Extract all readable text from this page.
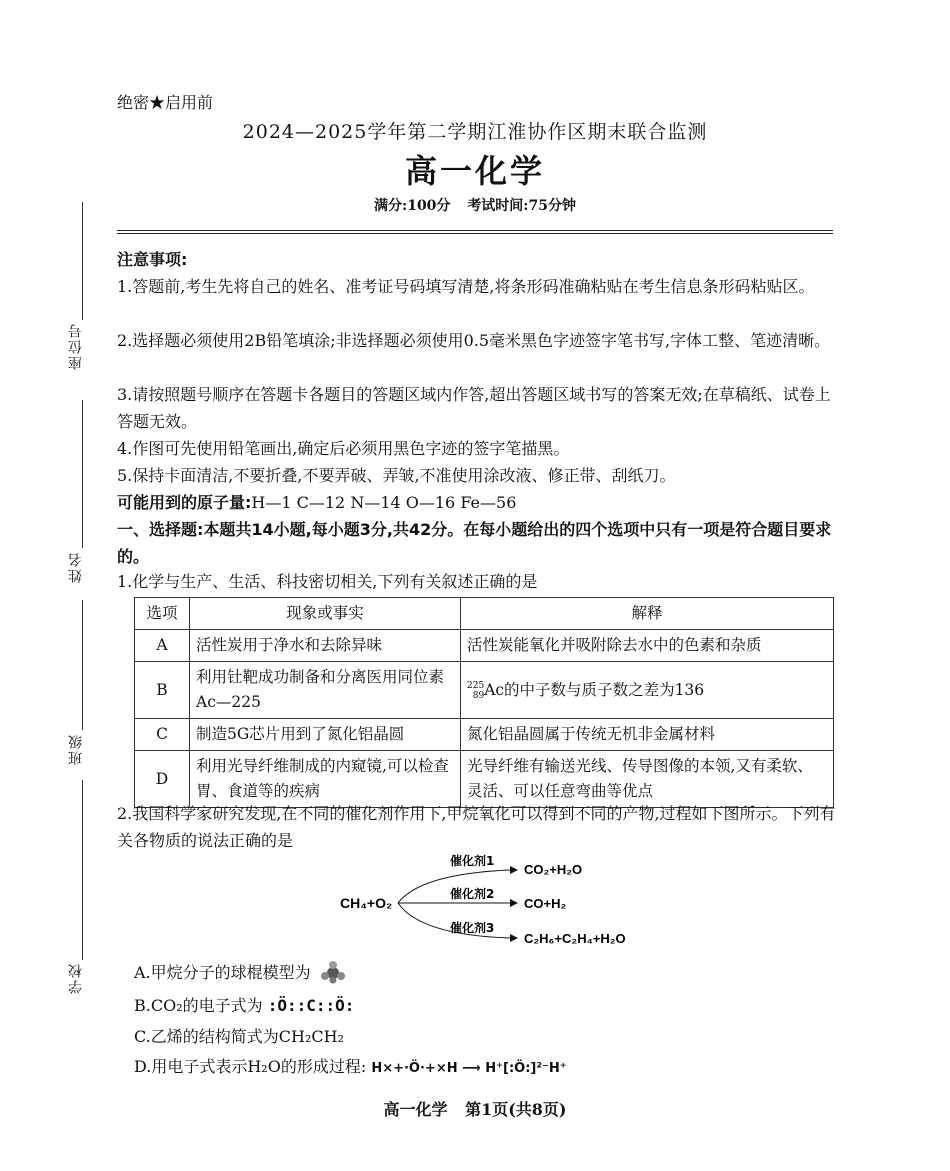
座位号
姓名
班级
学校
绝密★启用前
2024—2025学年第二学期江淮协作区期末联合监测
高一化学
满分:100分 考试时间:75分钟
注意事项:
1.答题前,考生先将自己的姓名、准考证号码填写清楚,将条形码准确粘贴在考生信息条形码粘贴区。
2.选择题必须使用2B铅笔填涂;非选择题必须使用0.5毫米黑色字迹签字笔书写,字体工整、笔迹清晰。
3.请按照题号顺序在答题卡各题目的答题区域内作答,超出答题区域书写的答案无效;在草稿纸、试卷上答题无效。
4.作图可先使用铅笔画出,确定后必须用黑色字迹的签字笔描黑。
5.保持卡面清洁,不要折叠,不要弄破、弄皱,不准使用涂改液、修正带、刮纸刀。
可能用到的原子量:H—1 C—12 N—14 O—16 Fe—56
一、选择题:本题共14小题,每小题3分,共42分。在每小题给出的四个选项中只有一项是符合题目要求的。
1.化学与生产、生活、科技密切相关,下列有关叙述正确的是
选项	现象或事实	解释
A	活性炭用于净水和去除异味	活性炭能氧化并吸附除去水中的色素和杂质
B	利用钍靶成功制备和分离医用同位素Ac—225	225
89Ac的中子数与质子数之差为136
C	制造5G芯片用到了氮化铝晶圆	氮化铝晶圆属于传统无机非金属材料
D	利用光导纤维制成的内窥镜,可以检查胃、食道等的疾病	光导纤维有输送光线、传导图像的本领,又有柔软、灵活、可以任意弯曲等优点
2.我国科学家研究发现,在不同的催化剂作用下,甲烷氧化可以得到不同的产物,过程如下图所示。下列有关各物质的说法正确的是
CH₄+O₂
催化剂1
催化剂2
催化剂3
CO₂+H₂O
CO+H₂
C₂H₆+C₂H₄+H₂O
A.甲烷分子的球棍模型为
B.CO₂的电子式为 :Ö::C::Ö:
C.乙烯的结构简式为CH₂CH₂
D.用电子式表示H₂O的形成过程: H×+·Ö·+×H ⟶ H⁺[:Ö:]²⁻H⁺
高一化学 第1页(共8页)
